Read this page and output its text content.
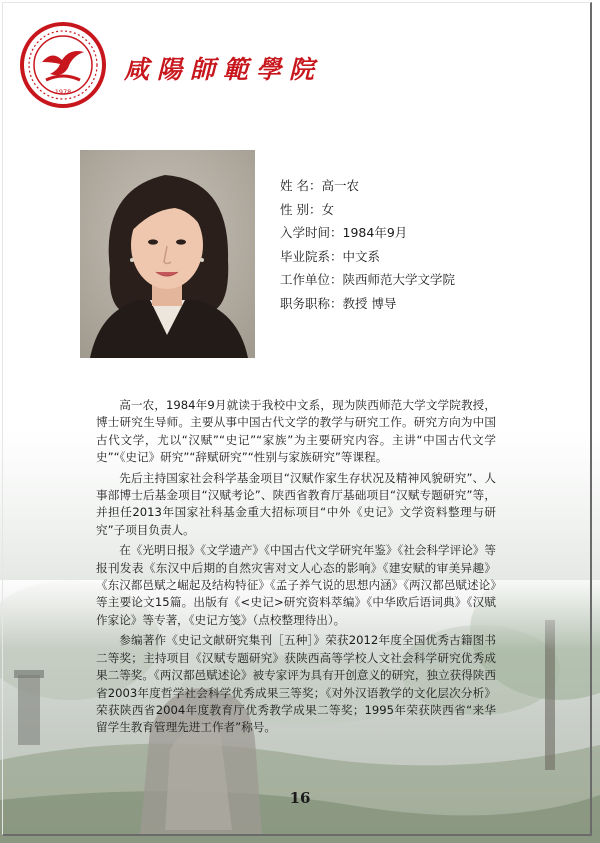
1978
咸陽師範學院
姓 名：高一农
性 别：女
入学时间：1984年9月
毕业院系：中文系
工作单位：陕西师范大学文学院
职务职称：教授 博导

高一农，1984年9月就读于我校中文系，现为陕西师范大学文学院教授，博士研究生导师。主要从事中国古代文学的教学与研究工作。研究方向为中国古代文学，尤以“汉赋”“史记”“家族”为主要研究内容。主讲“中国古代文学史”“《史记》研究”“辞赋研究”“性别与家族研究”等课程。

先后主持国家社会科学基金项目“汉赋作家生存状况及精神风貌研究”、人事部博士后基金项目“汉赋考论”、陕西省教育厅基础项目“汉赋专题研究”等，并担任2013年国家社科基金重大招标项目“中外《史记》文学资料整理与研究”子项目负责人。

在《光明日报》《文学遗产》《中国古代文学研究年鉴》《社会科学评论》等报刊发表《东汉中后期的自然灾害对文人心态的影响》《建安赋的审美异趣》《东汉都邑赋之崛起及结构特征》《孟子养气说的思想内涵》《两汉都邑赋述论》等主要论文15篇。出版有《<史记>研究资料萃编》《中华欧后语词典》《汉赋作家论》等专著，《史记方笺》（点校整理待出）。

参编著作《史记文献研究集刊［五种］》荣获2012年度全国优秀古籍图书二等奖；主持项目《汉赋专题研究》获陕西高等学校人文社会科学研究优秀成果二等奖。《两汉都邑赋述论》被专家评为具有开创意义的研究，独立获得陕西省2003年度哲学社会科学优秀成果三等奖；《对外汉语教学的文化层次分析》荣获陕西省2004年度教育厅优秀教学成果二等奖；1995年荣获陕西省“来华留学生教育管理先进工作者”称号。

16
